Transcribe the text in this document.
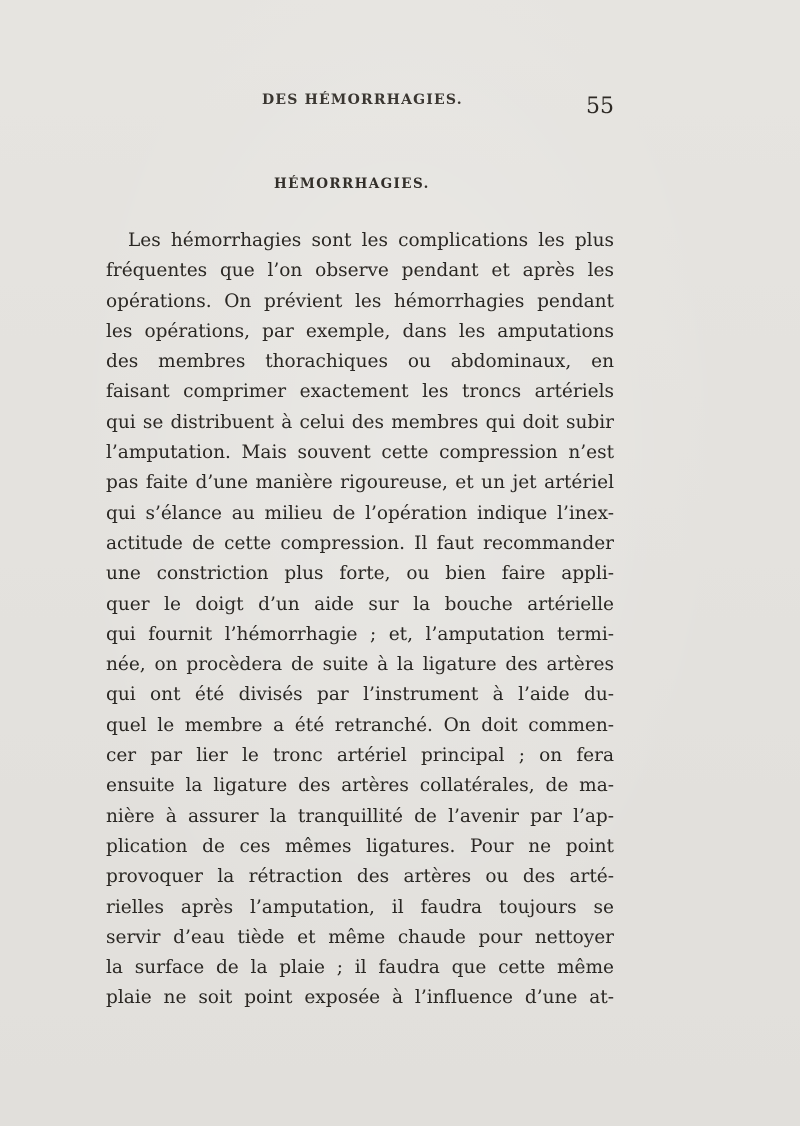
DES HÉMORRHAGIES.	55
HÉMORRHAGIES.
Les hémorrhagies sont les complications les plus
fréquentes que l’on observe pendant et après les
opérations. On prévient les hémorrhagies pendant
les opérations, par exemple, dans les amputations
des membres thorachiques ou abdominaux, en
faisant comprimer exactement les troncs artériels
qui se distribuent à celui des membres qui doit subir
l’amputation. Mais souvent cette compression n’est
pas faite d’une manière rigoureuse, et un jet artériel
qui s’élance au milieu de l’opération indique l’inex-
actitude de cette compression. Il faut recommander
une constriction plus forte, ou bien faire appli-
quer le doigt d’un aide sur la bouche artérielle
qui fournit l’hémorrhagie ; et, l’amputation termi-
née, on procèdera de suite à la ligature des artères
qui ont été divisés par l’instrument à l’aide du-
quel le membre a été retranché. On doit commen-
cer par lier le tronc artériel principal ; on fera
ensuite la ligature des artères collatérales, de ma-
nière à assurer la tranquillité de l’avenir par l’ap-
plication de ces mêmes ligatures. Pour ne point
provoquer la rétraction des artères ou des arté-
rielles après l’amputation, il faudra toujours se
servir d’eau tiède et même chaude pour nettoyer
la surface de la plaie ; il faudra que cette même
plaie ne soit point exposée à l’influence d’une at-
